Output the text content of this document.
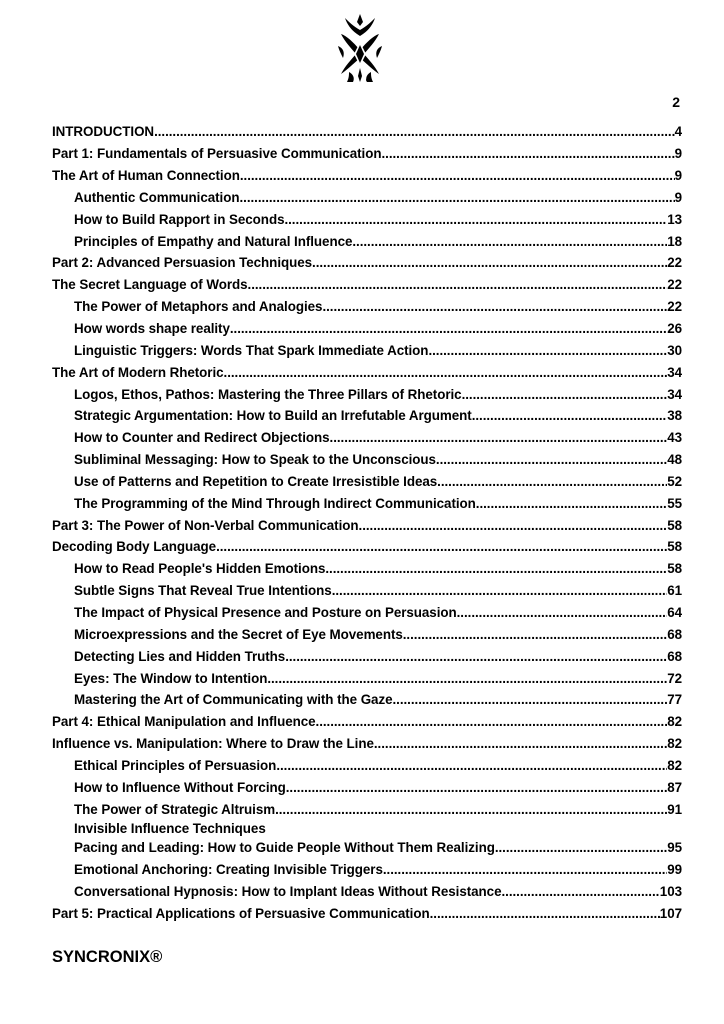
2
INTRODUCTION .....	4
Part 1: Fundamentals of Persuasive Communication .....	9
The Art of Human Connection .....	9
Authentic Communication .....	9
How to Build Rapport in Seconds .....	13
Principles of Empathy and Natural Influence .....	18
Part 2: Advanced Persuasion Techniques .....	22
The Secret Language of Words .....	22
The Power of Metaphors and Analogies .....	22
How words shape reality .....	26
Linguistic Triggers: Words That Spark Immediate Action .....	30
The Art of Modern Rhetoric .....	34
Logos, Ethos, Pathos: Mastering the Three Pillars of Rhetoric .....	34
Strategic Argumentation: How to Build an Irrefutable Argument .....	38
How to Counter and Redirect Objections .....	43
Subliminal Messaging: How to Speak to the Unconscious .....	48
Use of Patterns and Repetition to Create Irresistible Ideas .....	52
The Programming of the Mind Through Indirect Communication .....	55
Part 3: The Power of Non-Verbal Communication .....	58
Decoding Body Language .....	58
How to Read People's Hidden Emotions .....	58
Subtle Signs That Reveal True Intentions .....	61
The Impact of Physical Presence and Posture on Persuasion .....	64
Microexpressions and the Secret of Eye Movements .....	68
Detecting Lies and Hidden Truths .....	68
Eyes: The Window to Intention .....	72
Mastering the Art of Communicating with the Gaze .....	77
Part 4: Ethical Manipulation and Influence .....	82
Influence vs. Manipulation: Where to Draw the Line .....	82
Ethical Principles of Persuasion .....	82
How to Influence Without Forcing .....	87
The Power of Strategic Altruism .....	91
Invisible Influence Techniques
Pacing and Leading: How to Guide People Without Them Realizing .....	95
Emotional Anchoring: Creating Invisible Triggers .....	99
Conversational Hypnosis: How to Implant Ideas Without Resistance .....	103
Part 5: Practical Applications of Persuasive Communication .....	107
SYNCRONIX®
